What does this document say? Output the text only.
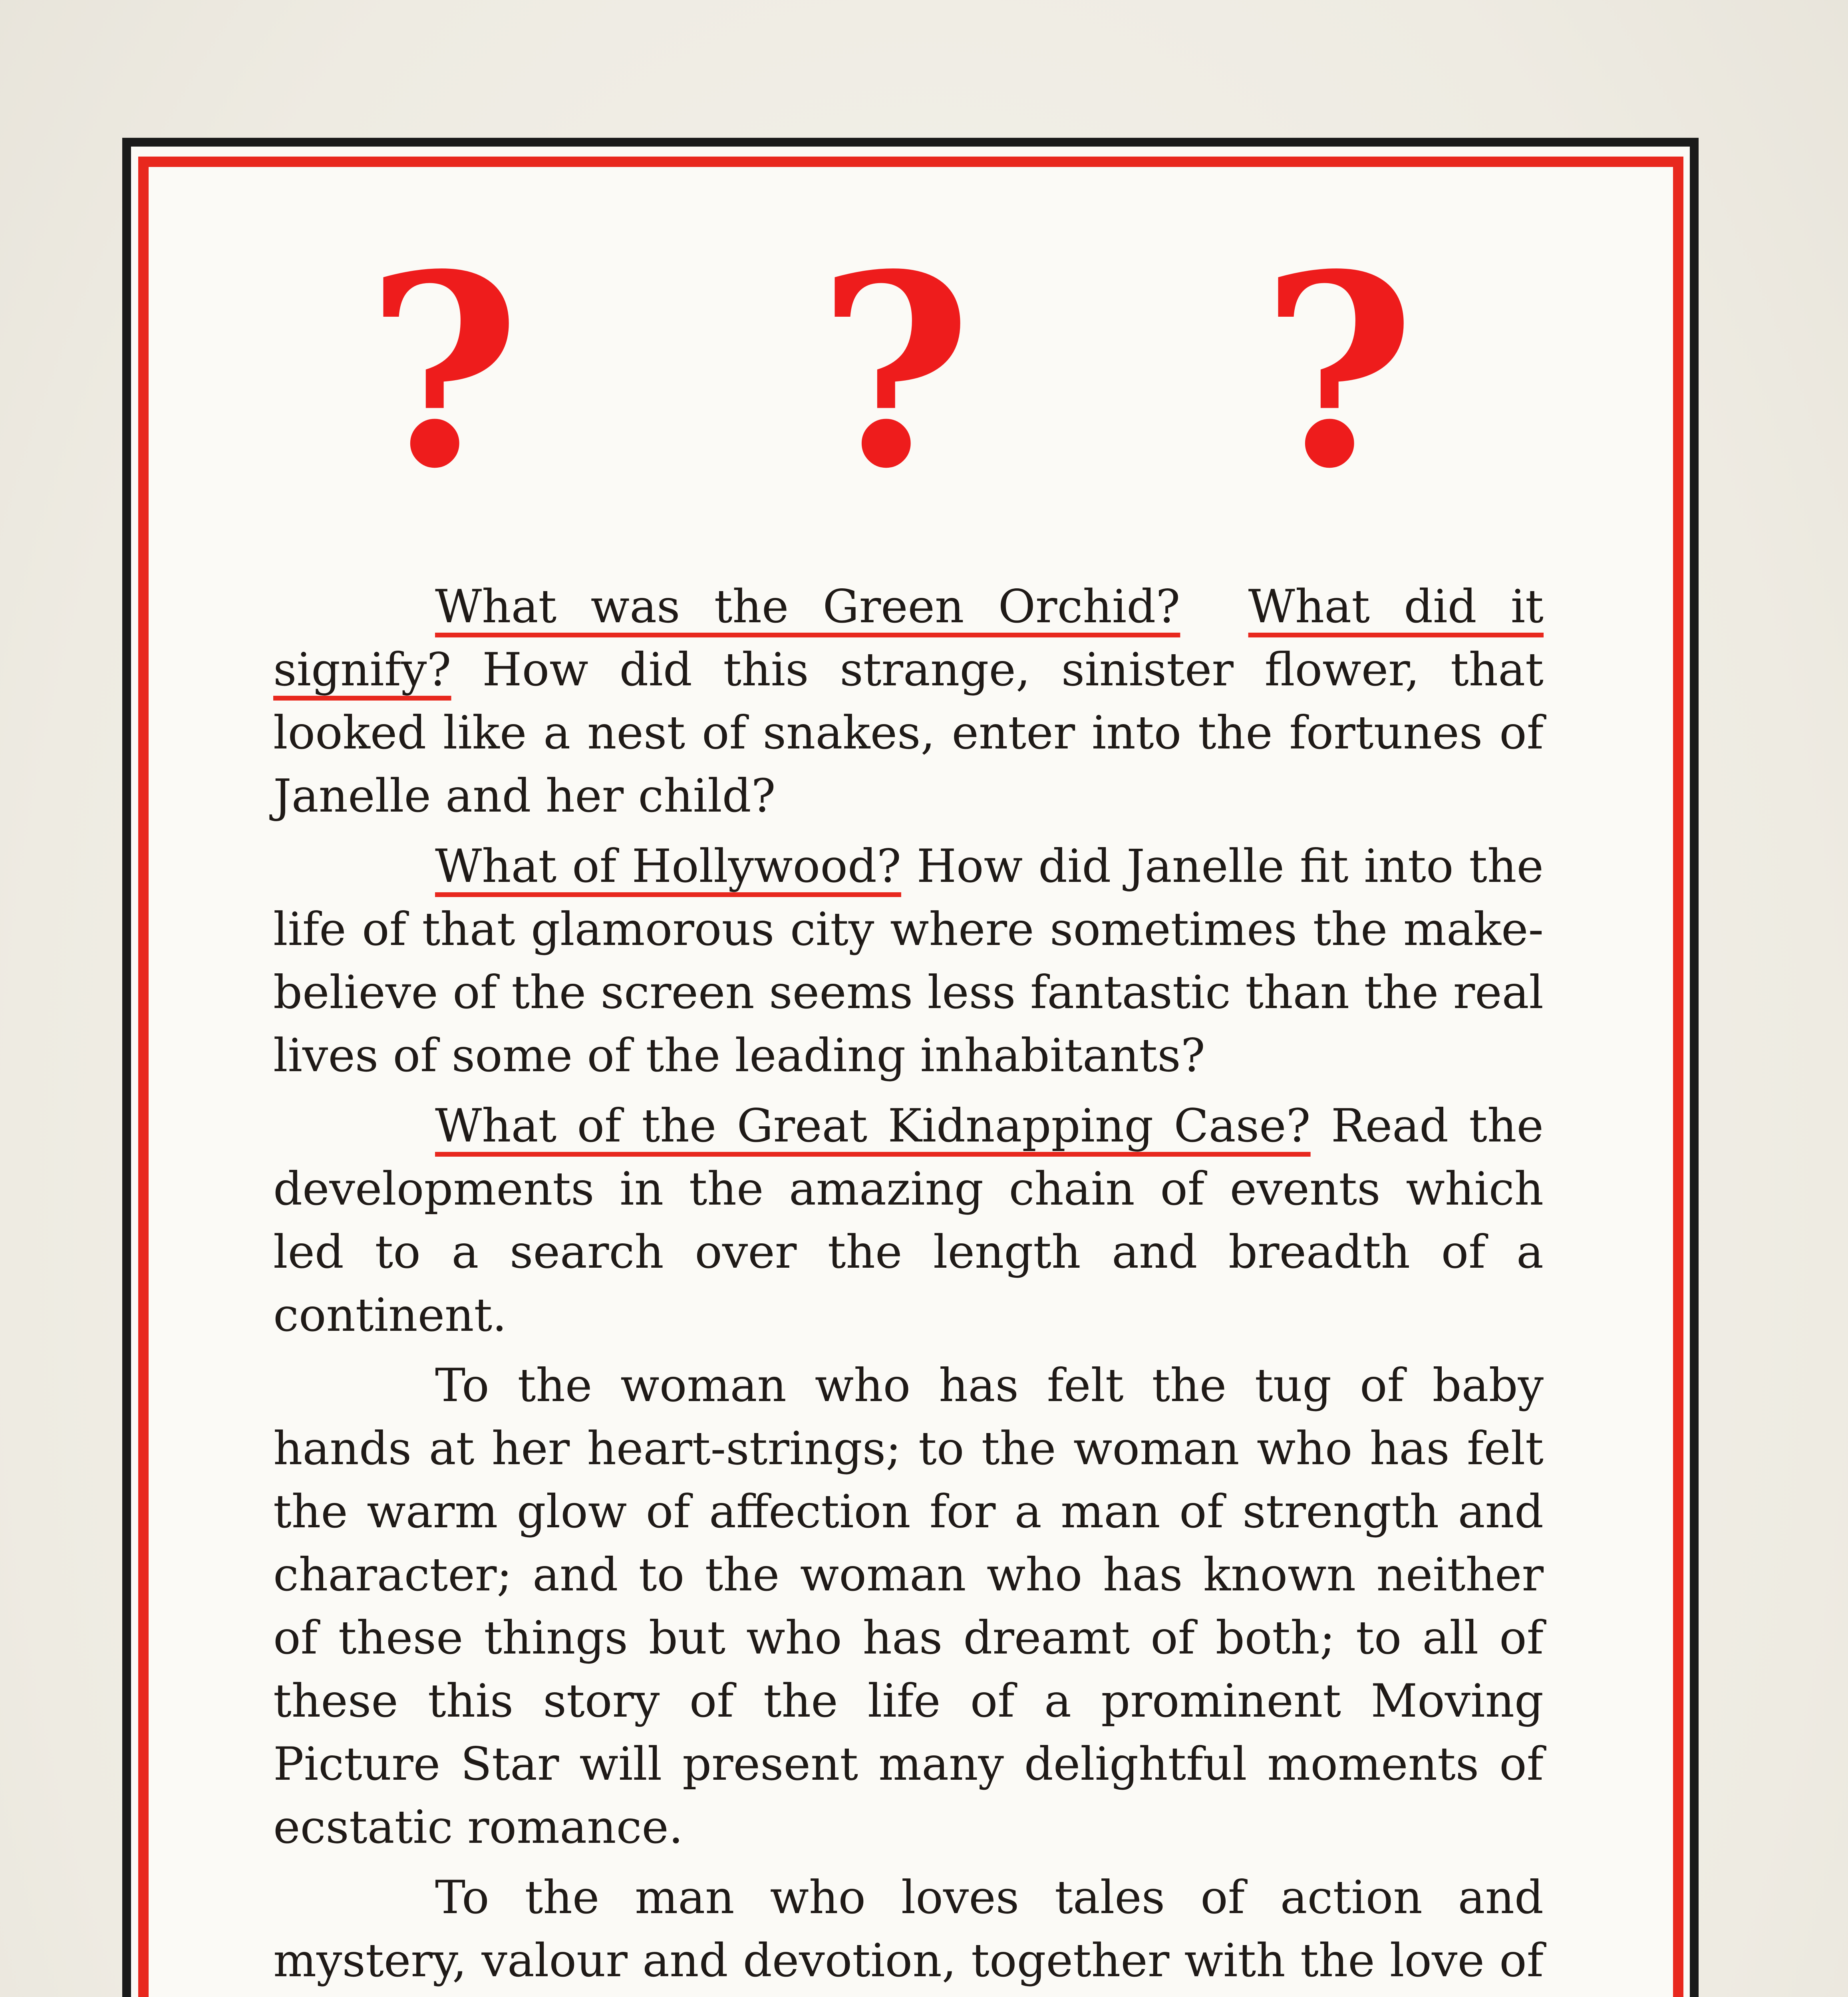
? ? ?

What was the Green Orchid? What did it signify? How did this strange, sinister flower, that looked like a nest of snakes, enter into the fortunes of Janelle and her child?

What of Hollywood? How did Janelle fit into the life of that glamorous city where sometimes the make-believe of the screen seems less fantastic than the real lives of some of the leading inhabitants?

What of the Great Kidnapping Case? Read the developments in the amazing chain of events which led to a search over the length and breadth of a continent.

To the woman who has felt the tug of baby hands at her heart-strings; to the woman who has felt the warm glow of affection for a man of strength and character; and to the woman who has known neither of these things but who has dreamt of both; to all of these this story of the life of a prominent Moving Picture Star will present many delightful moments of ecstatic romance.

To the man who loves tales of action and mystery, valour and devotion, together with the love of
